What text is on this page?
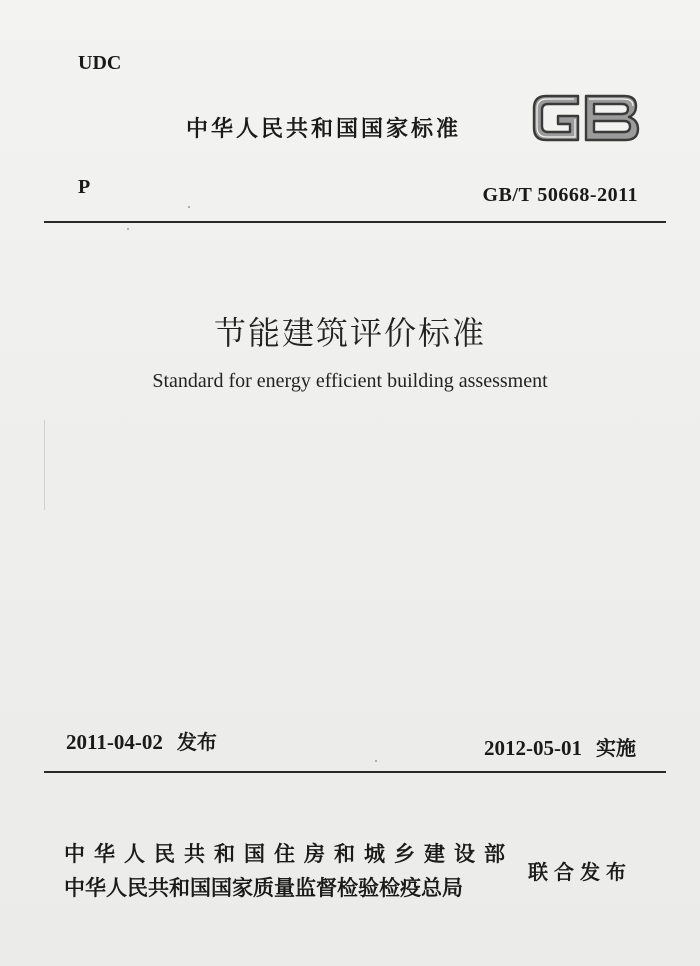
UDC
中华人民共和国国家标准
P	GB/T 50668-2011
节能建筑评价标准
Standard for energy efficient building assessment
2011-04-02 发布	2012-05-01 实施
中华人民共和国住房和城乡建设部
中华人民共和国国家质量监督检验检疫总局
联合发布
